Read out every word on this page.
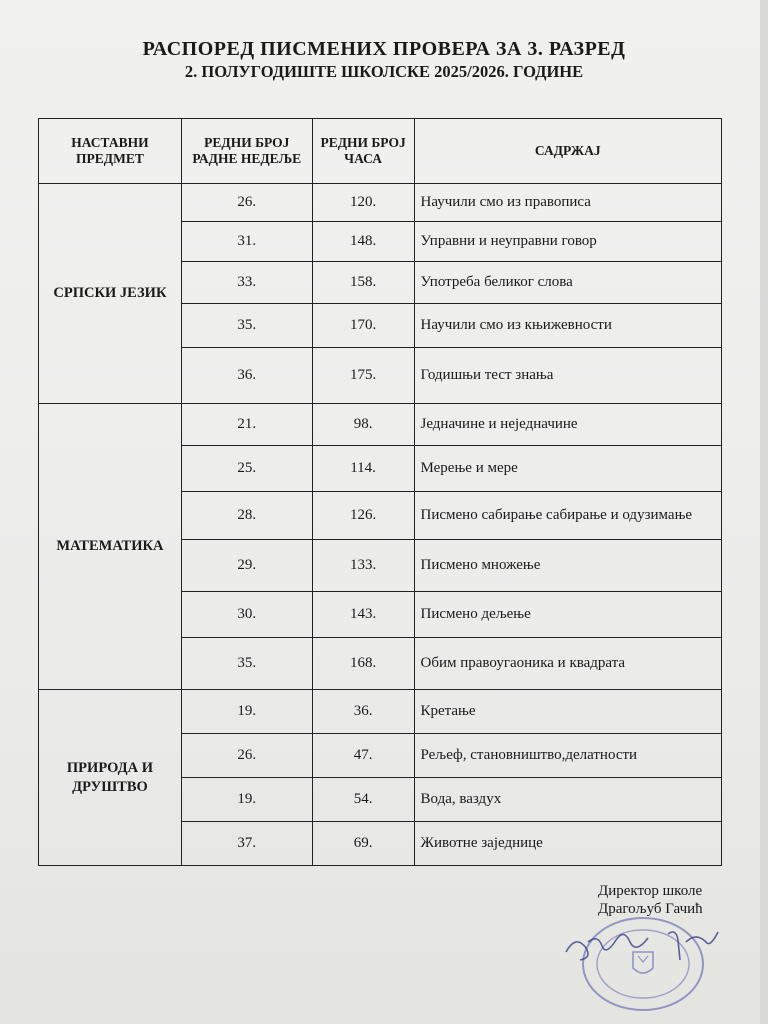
РАСПОРЕД ПИСМЕНИХ ПРОВЕРА ЗА 3. РАЗРЕД
2. ПОЛУГОДИШТЕ ШКОЛСКЕ 2025/2026. ГОДИНЕ
НАСТАВНИ ПРЕДМЕТ	РЕДНИ БРОЈ РАДНЕ НЕДЕЉЕ	РЕДНИ БРОЈ ЧАСА	САДРЖАЈ
СРПСКИ ЈЕЗИК	26.	120.	Научили смо из правописа
	31.	148.	Управни и неуправни говор
	33.	158.	Употреба беликог слова
	35.	170.	Научили смо из књижевности
	36.	175.	Годишњи тест знања
МАТЕМАТИКА	21.	98.	Једначине и неједначине
	25.	114.	Мерење и мере
	28.	126.	Писмено сабирање сабирање и одузимање
	29.	133.	Писмено множење
	30.	143.	Писмено дељење
	35.	168.	Обим правоугаоника и квадрата
ПРИРОДА И ДРУШТВО	19.	36.	Кретање
	26.	47.	Рељеф, становништво,делатности
	19.	54.	Вода, ваздух
	37.	69.	Животне заједнице
Директор школе
Драгољуб Гачић
